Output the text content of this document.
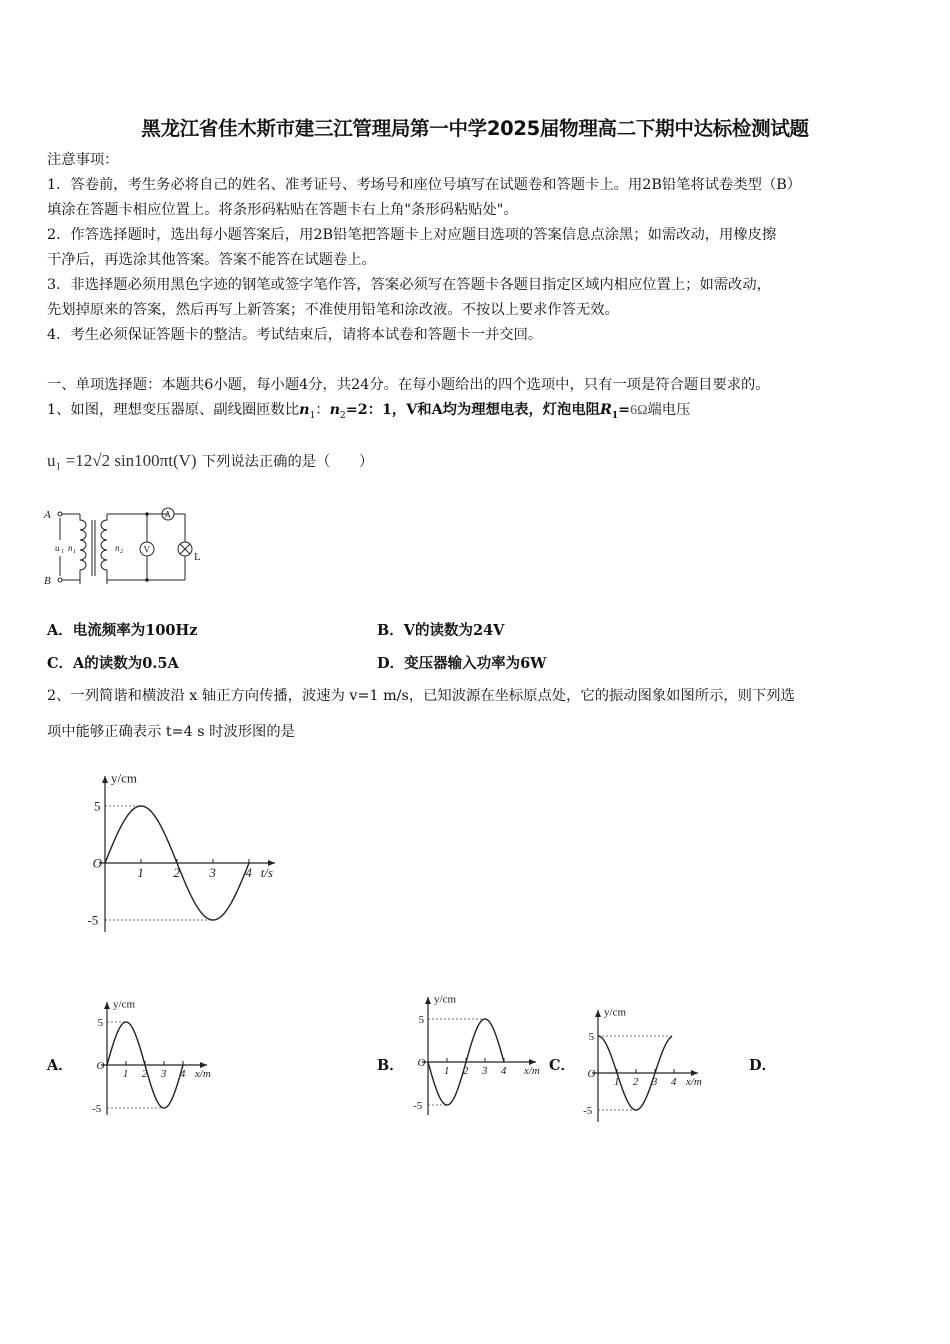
黑龙江省佳木斯市建三江管理局第一中学2025届物理高二下期中达标检测试题
注意事项：
1．答卷前，考生务必将自己的姓名、准考证号、考场号和座位号填写在试题卷和答题卡上。用2B铅笔将试卷类型（B）
填涂在答题卡相应位置上。将条形码粘贴在答题卡右上角"条形码粘贴处"。
2．作答选择题时，选出每小题答案后，用2B铅笔把答题卡上对应题目选项的答案信息点涂黑；如需改动，用橡皮擦
干净后，再选涂其他答案。答案不能答在试题卷上。
3．非选择题必须用黑色字迹的钢笔或签字笔作答，答案必须写在答题卡各题目指定区域内相应位置上；如需改动，
先划掉原来的答案，然后再写上新答案；不准使用铅笔和涂改液。不按以上要求作答无效。
4．考生必须保证答题卡的整洁。考试结束后，请将本试卷和答题卡一并交回。
一、单项选择题：本题共6小题，每小题4分，共24分。在每小题给出的四个选项中，只有一项是符合题目要求的。
1、如图，理想变压器原、副线圈匝数比$n_1$：$n_2=2$：1，V和A均为理想电表，灯泡电阻$R_1=6\Omega$端电压
u₁ =12√2 sin100πt(V) 下列说法正确的是（　　）
A
B
u 1 n 1	n 2
A
V
L
A．电流频率为100Hz	B．V的读数为24V
C．A的读数为0.5A	D．变压器输入功率为6W
2、一列简谐和横波沿 x 轴正方向传播，波速为 v=1 m/s，已知波源在坐标原点处，它的振动图象如图所示，则下列选
项中能够正确表示 t=4 s 时波形图的是
1 2 3 4
5
-5
O
y/cm
t/s
A．	1 2 3 4
5
-5
O
y/cm
x/m	B．	1 2 3 4
5
-5
O
y/cm
x/m C．
1 2 3 4
5
-5
O
y/cm
x/m
D．
